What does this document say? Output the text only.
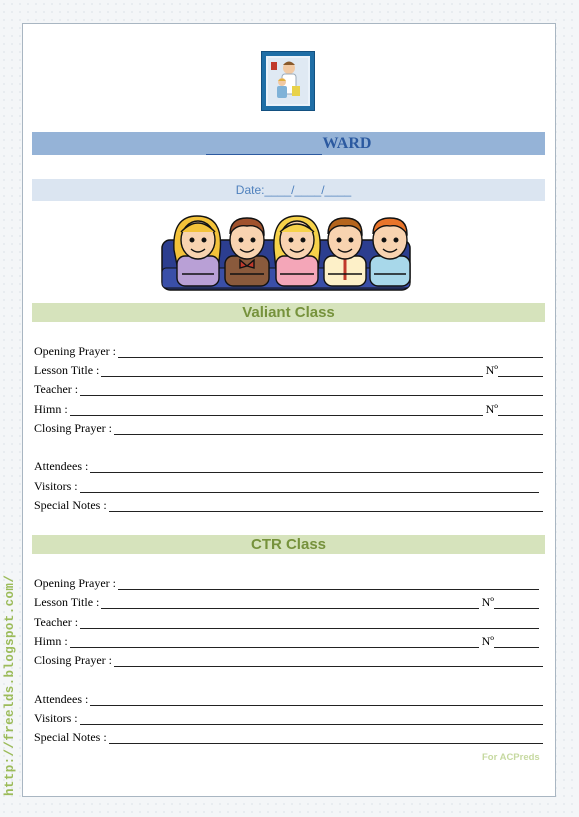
http://freelds.blogspot.com/
WARD
Date:____/____/____
Valiant Class
Opening Prayer :
Lesson Title :	Nº
Teacher :
Himn :	Nº
Closing Prayer :
Attendees :
Visitors :
Special Notes :
CTR Class
Opening Prayer :
Lesson Title :	Nº
Teacher :
Himn :	Nº
Closing Prayer :
Attendees :
Visitors :
Special Notes :
For ACPreds
